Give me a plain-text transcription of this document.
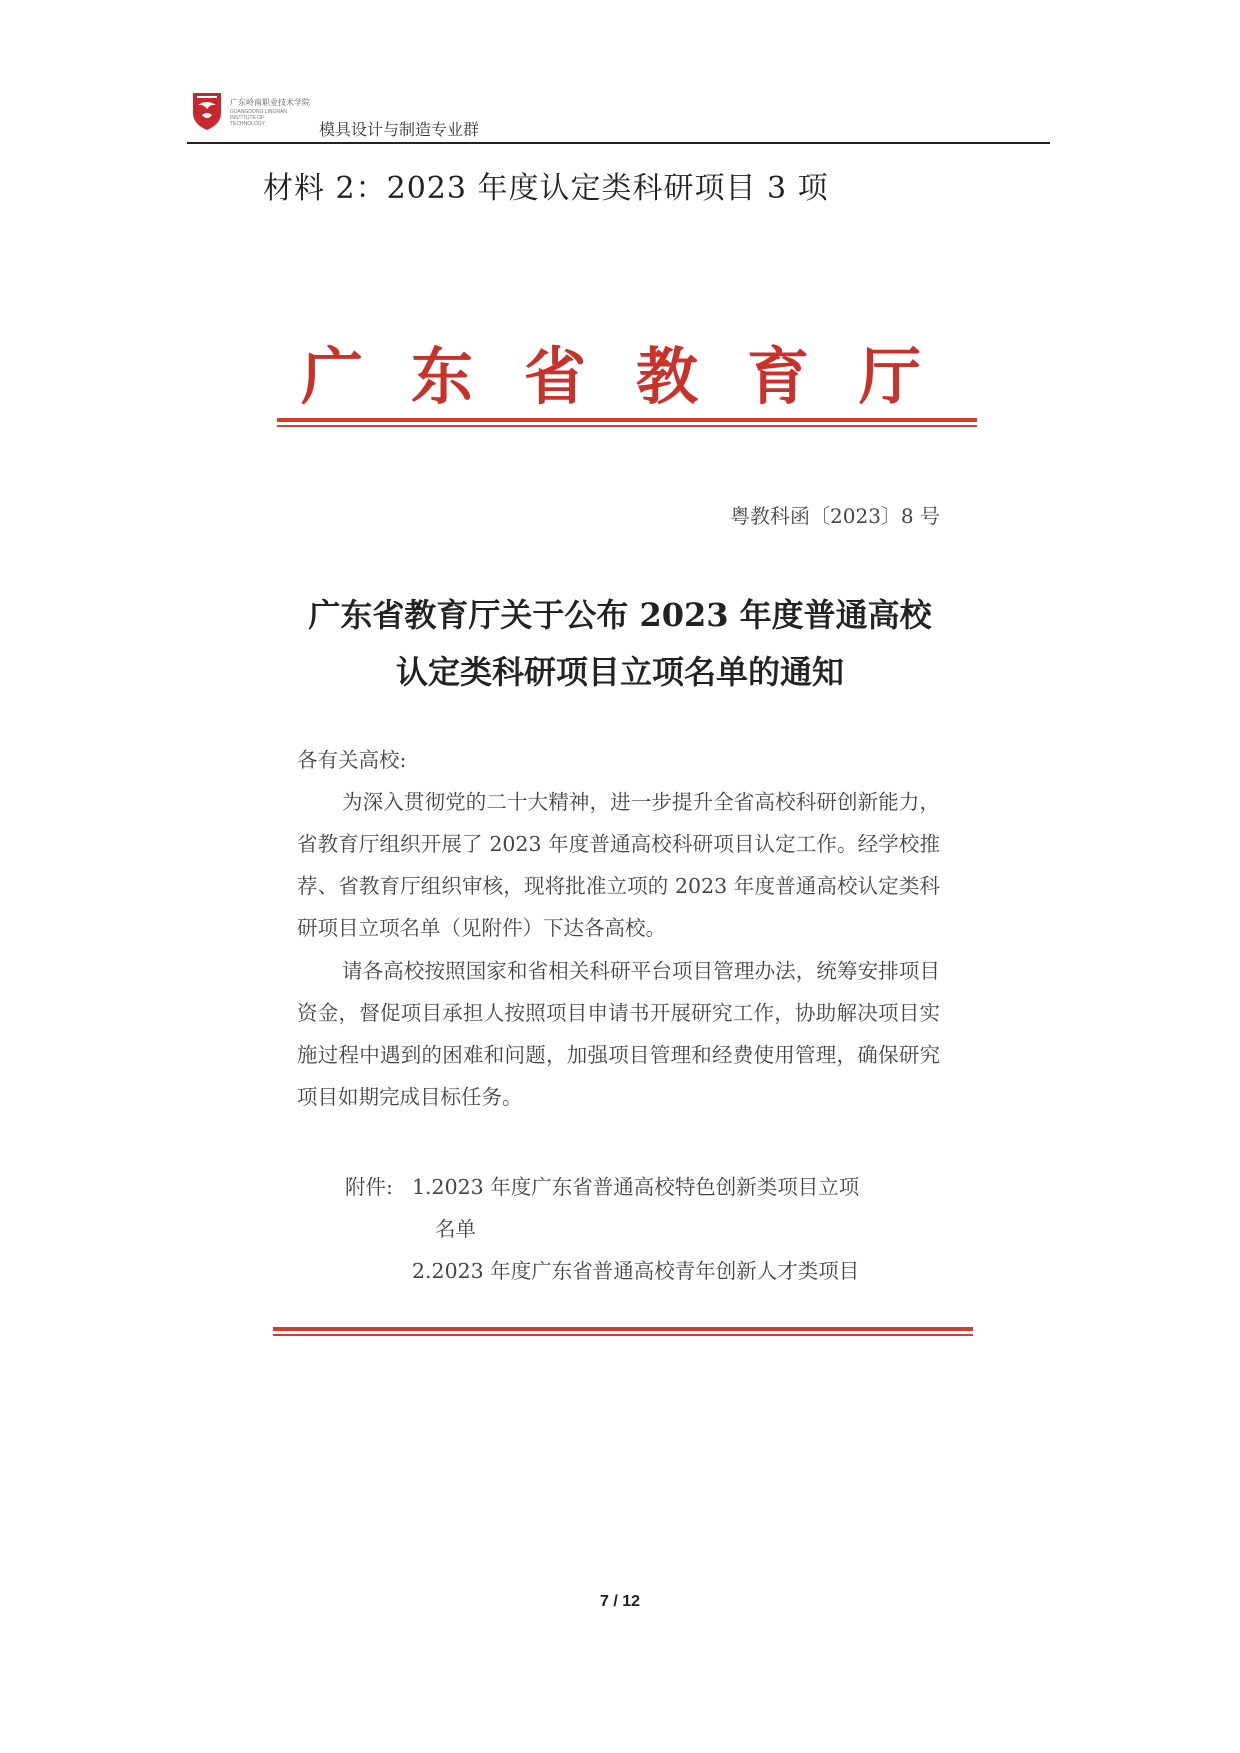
广东岭南职业技术学院
GUANGDONG LINGNAN INSTITUTE OF TECHNOLOGY	模具设计与制造专业群
材料 2：2023 年度认定类科研项目 3 项
广 东 省 教 育 厅
粤教科函〔2023〕8 号
广东省教育厅关于公布 2023 年度普通高校
认定类科研项目立项名单的通知
各有关高校:
为深入贯彻党的二十大精神，进一步提升全省高校科研创新能力，省教育厅组织开展了 2023 年度普通高校科研项目认定工作。经学校推荐、省教育厅组织审核，现将批准立项的 2023 年度普通高校认定类科研项目立项名单（见附件）下达各高校。
请各高校按照国家和省相关科研平台项目管理办法，统筹安排项目资金，督促项目承担人按照项目申请书开展研究工作，协助解决项目实施过程中遇到的困难和问题，加强项目管理和经费使用管理，确保研究项目如期完成目标任务。
附件: 1.2023 年度广东省普通高校特色创新类项目立项
名单
2.2023 年度广东省普通高校青年创新人才类项目
7 / 12
